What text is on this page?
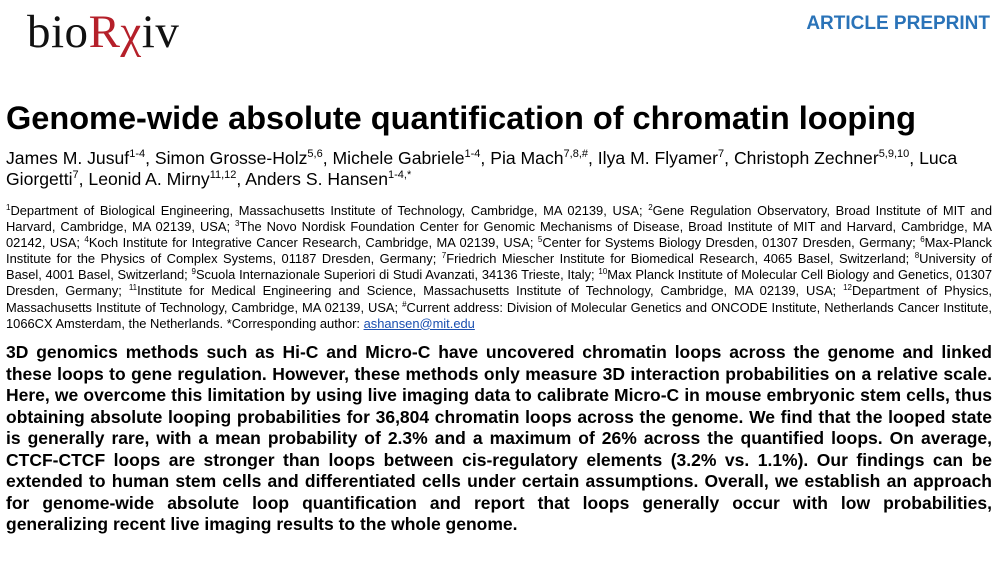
bioRχiv	ARTICLE PREPRINT
Genome-wide absolute quantification of chromatin looping
James M. Jusuf$^{1-4}$, Simon Grosse-Holz$^{5,6}$, Michele Gabriele$^{1-4}$, Pia Mach$^{7,8,\#}$, Ilya M. Flyamer$^7$, Christoph Zechner$^{5,9,10}$, Luca Giorgetti$^7$, Leonid A. Mirny$^{11,12}$, Anders S. Hansen$^{1-4,*}$
$^1$Department of Biological Engineering, Massachusetts Institute of Technology, Cambridge, MA 02139, USA; $^2$Gene Regulation Observatory, Broad Institute of MIT and Harvard, Cambridge, MA 02139, USA; $^3$The Novo Nordisk Foundation Center for Genomic Mechanisms of Disease, Broad Institute of MIT and Harvard, Cambridge, MA 02142, USA; $^4$Koch Institute for Integrative Cancer Research, Cambridge, MA 02139, USA; $^5$Center for Systems Biology Dresden, 01307 Dresden, Germany; $^6$Max-Planck Institute for the Physics of Complex Systems, 01187 Dresden, Germany; $^7$Friedrich Miescher Institute for Biomedical Research, 4065 Basel, Switzerland; $^8$University of Basel, 4001 Basel, Switzerland; $^9$Scuola Internazionale Superiori di Studi Avanzati, 34136 Trieste, Italy; $^{10}$Max Planck Institute of Molecular Cell Biology and Genetics, 01307 Dresden, Germany; $^{11}$Institute for Medical Engineering and Science, Massachusetts Institute of Technology, Cambridge, MA 02139, USA; $^{12}$Department of Physics, Massachusetts Institute of Technology, Cambridge, MA 02139, USA; #Current address: Division of Molecular Genetics and ONCODE Institute, Netherlands Cancer Institute, 1066CX Amsterdam, the Netherlands. *Corresponding author: ashansen@mit.edu
3D genomics methods such as Hi-C and Micro-C have uncovered chromatin loops across the genome and linked these loops to gene regulation. However, these methods only measure 3D interaction probabilities on a relative scale. Here, we overcome this limitation by using live imaging data to calibrate Micro-C in mouse embryonic stem cells, thus obtaining absolute looping probabilities for 36,804 chromatin loops across the genome. We find that the looped state is generally rare, with a mean probability of 2.3% and a maximum of 26% across the quantified loops. On average, CTCF-CTCF loops are stronger than loops between cis-regulatory elements (3.2% vs. 1.1%). Our findings can be extended to human stem cells and differentiated cells under certain assumptions. Overall, we establish an approach for genome-wide absolute loop quantification and report that loops generally occur with low probabilities, generalizing recent live imaging results to the whole genome.
